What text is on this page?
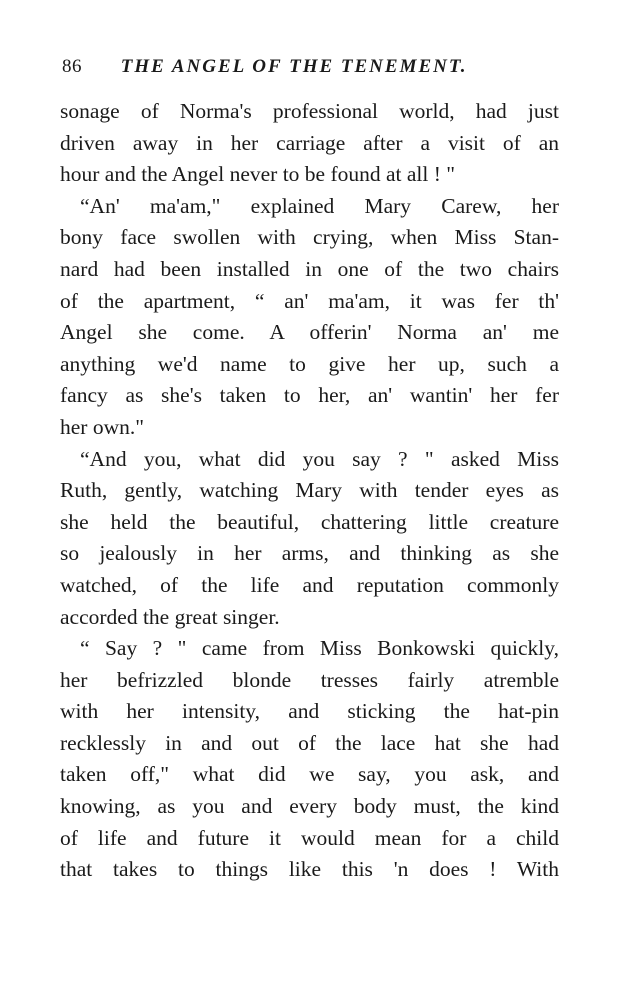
86 THE ANGEL OF THE TENEMENT.
sonage of Norma's professional world, had just
driven away in her carriage after a visit of an
hour and the Angel never to be found at all ! "
“An' ma'am," explained Mary Carew, her
bony face swollen with crying, when Miss Stan-
nard had been installed in one of the two chairs
of the apartment, “ an' ma'am, it was fer th'
Angel she come. A offerin' Norma an' me
anything we'd name to give her up, such a
fancy as she's taken to her, an' wantin' her fer
her own."
“And you, what did you say ? " asked Miss
Ruth, gently, watching Mary with tender eyes as
she held the beautiful, chattering little creature
so jealously in her arms, and thinking as she
watched, of the life and reputation commonly
accorded the great singer.
“ Say ? " came from Miss Bonkowski quickly,
her befrizzled blonde tresses fairly atremble
with her intensity, and sticking the hat-pin
recklessly in and out of the lace hat she had
taken off," what did we say, you ask, and
knowing, as you and every body must, the kind
of life and future it would mean for a child
that takes to things like this 'n does ! With
